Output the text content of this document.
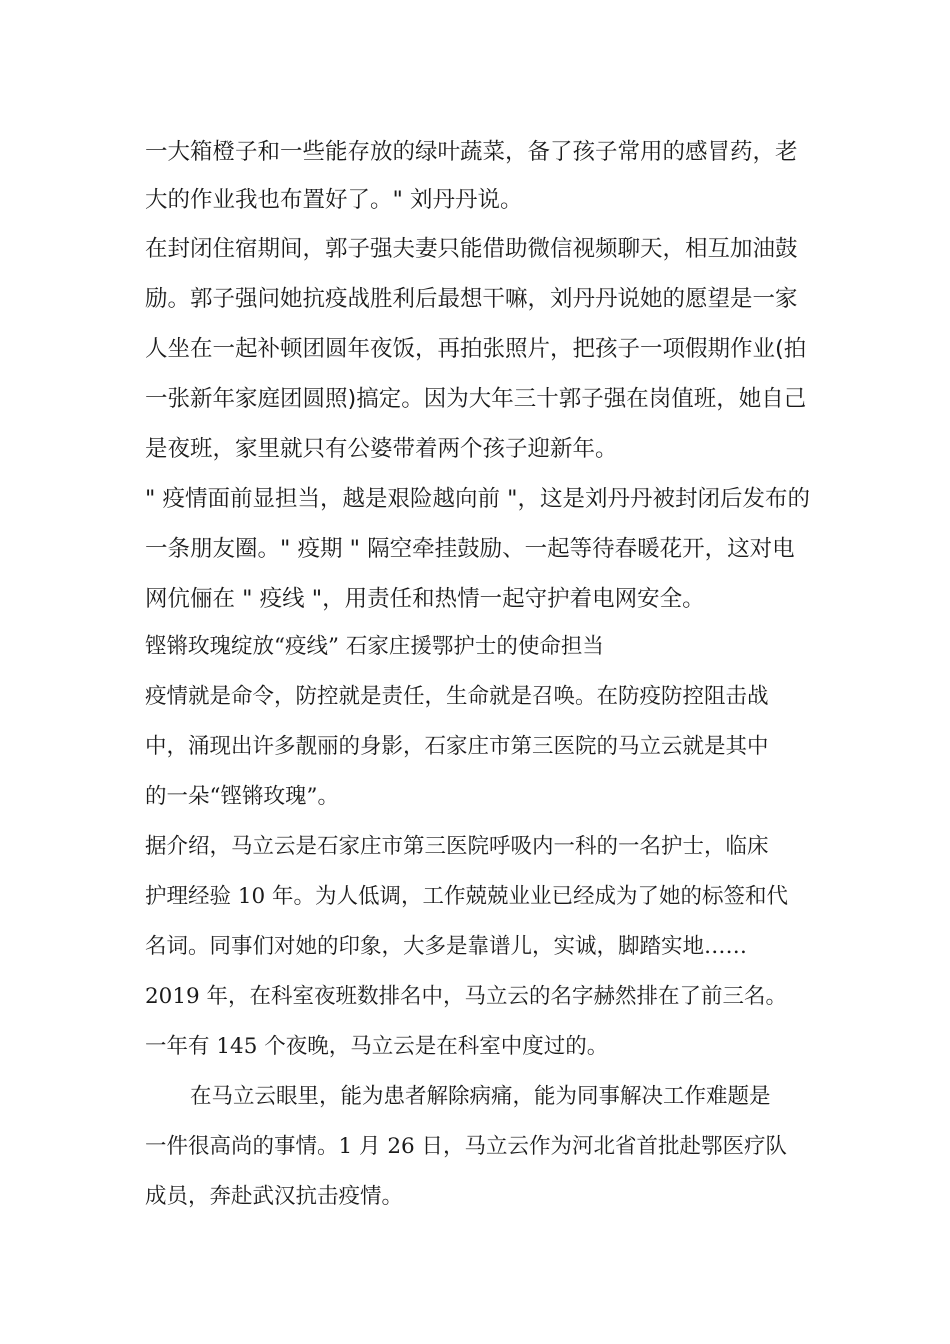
一大箱橙子和一些能存放的绿叶蔬菜，备了孩子常用的感冒药，老
大的作业我也布置好了。" 刘丹丹说。
在封闭住宿期间，郭子强夫妻只能借助微信视频聊天，相互加油鼓
励。郭子强问她抗疫战胜利后最想干嘛，刘丹丹说她的愿望是一家
人坐在一起补顿团圆年夜饭，再拍张照片，把孩子一项假期作业(拍
一张新年家庭团圆照)搞定。因为大年三十郭子强在岗值班，她自己
是夜班，家里就只有公婆带着两个孩子迎新年。
" 疫情面前显担当，越是艰险越向前 "，这是刘丹丹被封闭后发布的
一条朋友圈。" 疫期 " 隔空牵挂鼓励、一起等待春暖花开，这对电
网伉俪在 " 疫线 "，用责任和热情一起守护着电网安全。
铿锵玫瑰绽放“疫线” 石家庄援鄂护士的使命担当
疫情就是命令，防控就是责任，生命就是召唤。在防疫防控阻击战
中，涌现出许多靓丽的身影，石家庄市第三医院的马立云就是其中
的一朵“铿锵玫瑰”。
据介绍，马立云是石家庄市第三医院呼吸内一科的一名护士，临床
护理经验 10 年。为人低调，工作兢兢业业已经成为了她的标签和代
名词。同事们对她的印象，大多是靠谱儿，实诚，脚踏实地……
2019 年，在科室夜班数排名中，马立云的名字赫然排在了前三名。
一年有 145 个夜晚，马立云是在科室中度过的。
在马立云眼里，能为患者解除病痛，能为同事解决工作难题是
一件很高尚的事情。1 月 26 日，马立云作为河北省首批赴鄂医疗队
成员，奔赴武汉抗击疫情。
